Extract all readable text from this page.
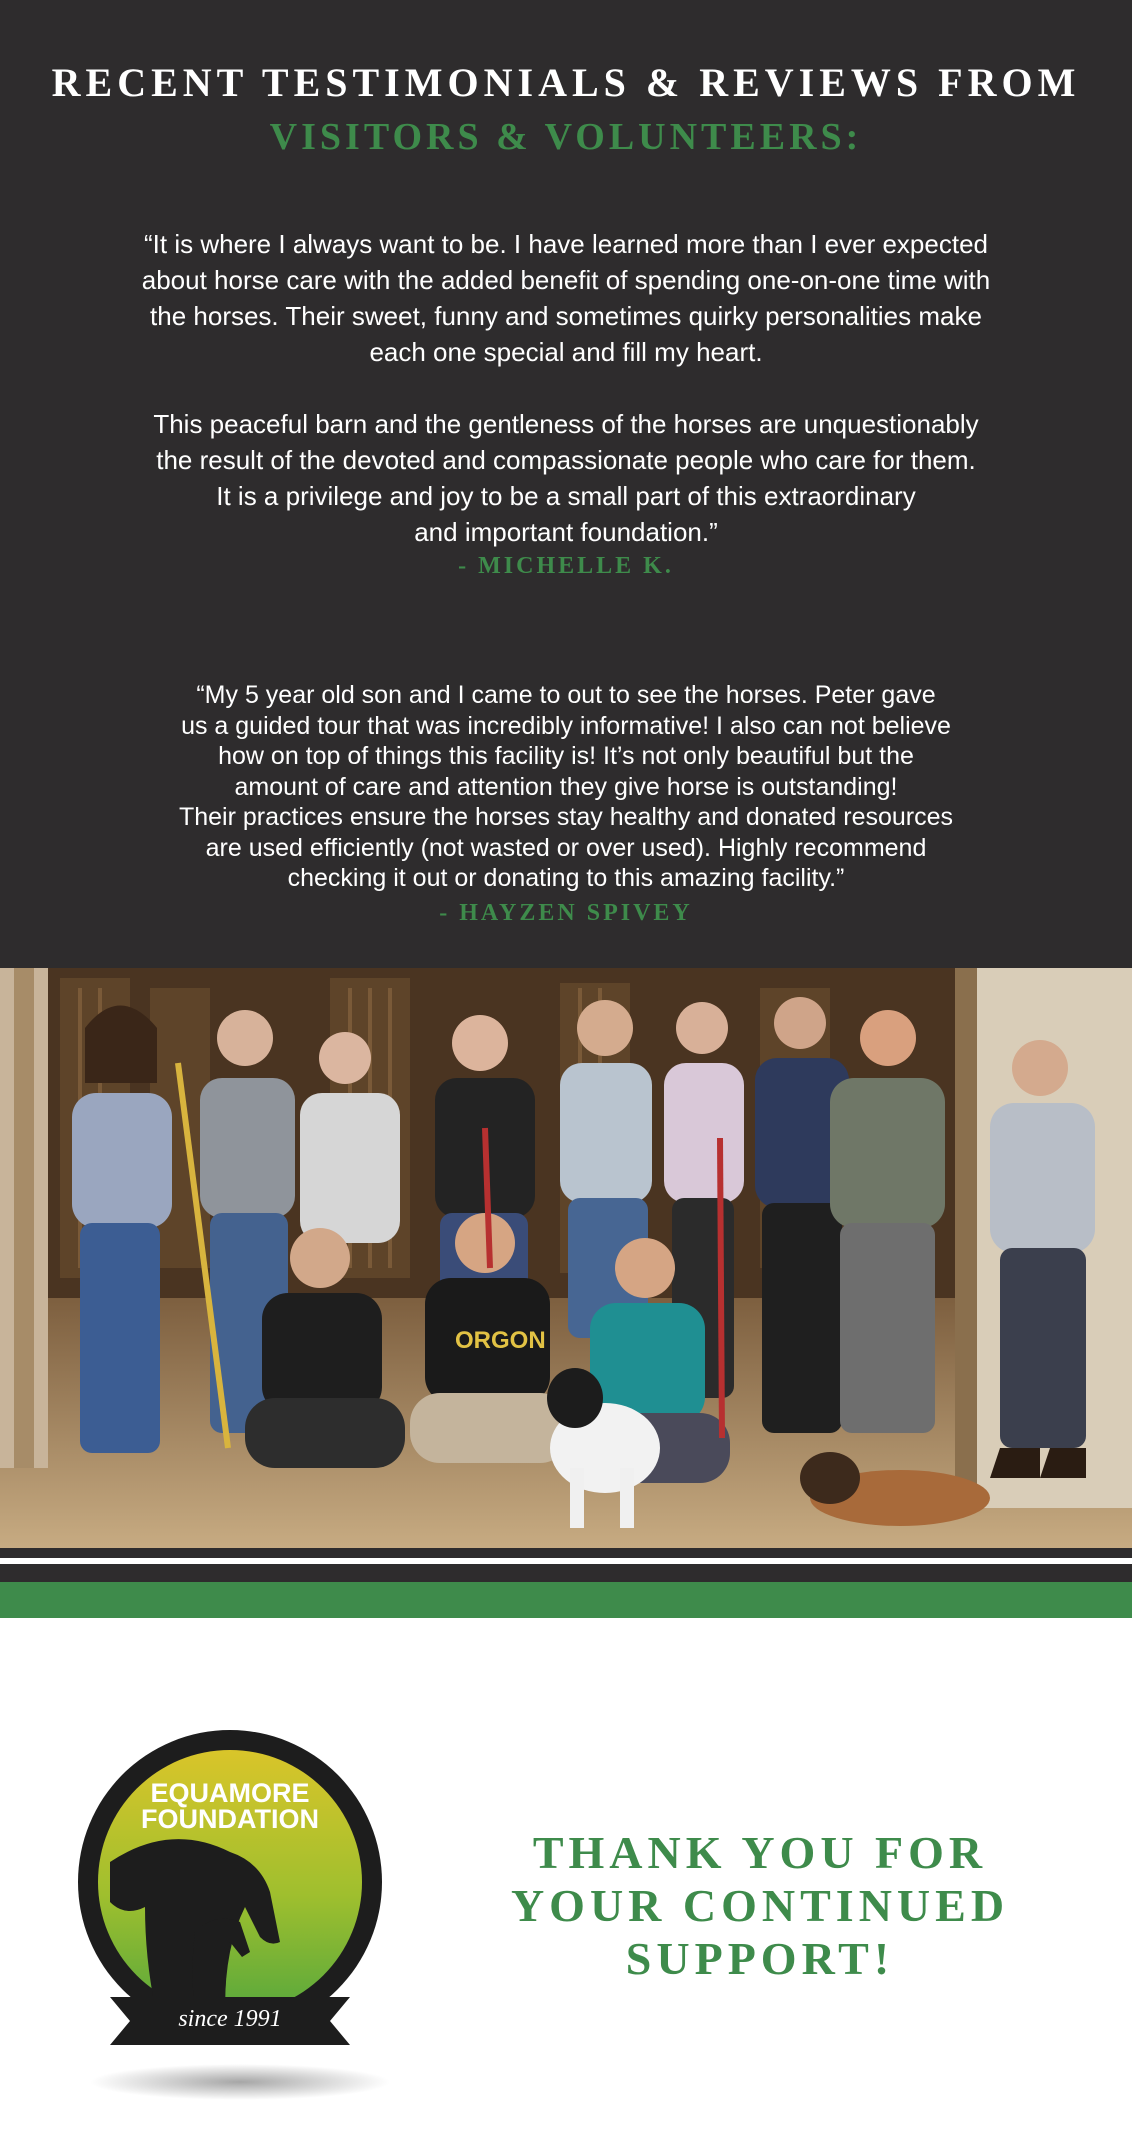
RECENT TESTIMONIALS & REVIEWS FROM
VISITORS & VOLUNTEERS:

“It is where I always want to be. I have learned more than I ever expected

about horse care with the added benefit of spending one-on-one time with

the horses. Their sweet, funny and sometimes quirky personalities make

each one special and fill my heart.

This peaceful barn and the gentleness of the horses are unquestionably

the result of the devoted and compassionate people who care for them.

It is a privilege and joy to be a small part of this extraordinary

and important foundation.”

- MICHELLE K.

“My 5 year old son and I came to out to see the horses. Peter gave

us a guided tour that was incredibly informative! I also can not believe

how on top of things this facility is! It’s not only beautiful but the

amount of care and attention they give horse is outstanding!

Their practices ensure the horses stay healthy and donated resources

are used efficiently (not wasted or over used). Highly recommend

checking it out or donating to this amazing facility.”

- HAYZEN SPIVEY
ORGON
EQUAMORE
FOUNDATION
since 1991
THANK YOU FOR
YOUR CONTINUED
SUPPORT!
